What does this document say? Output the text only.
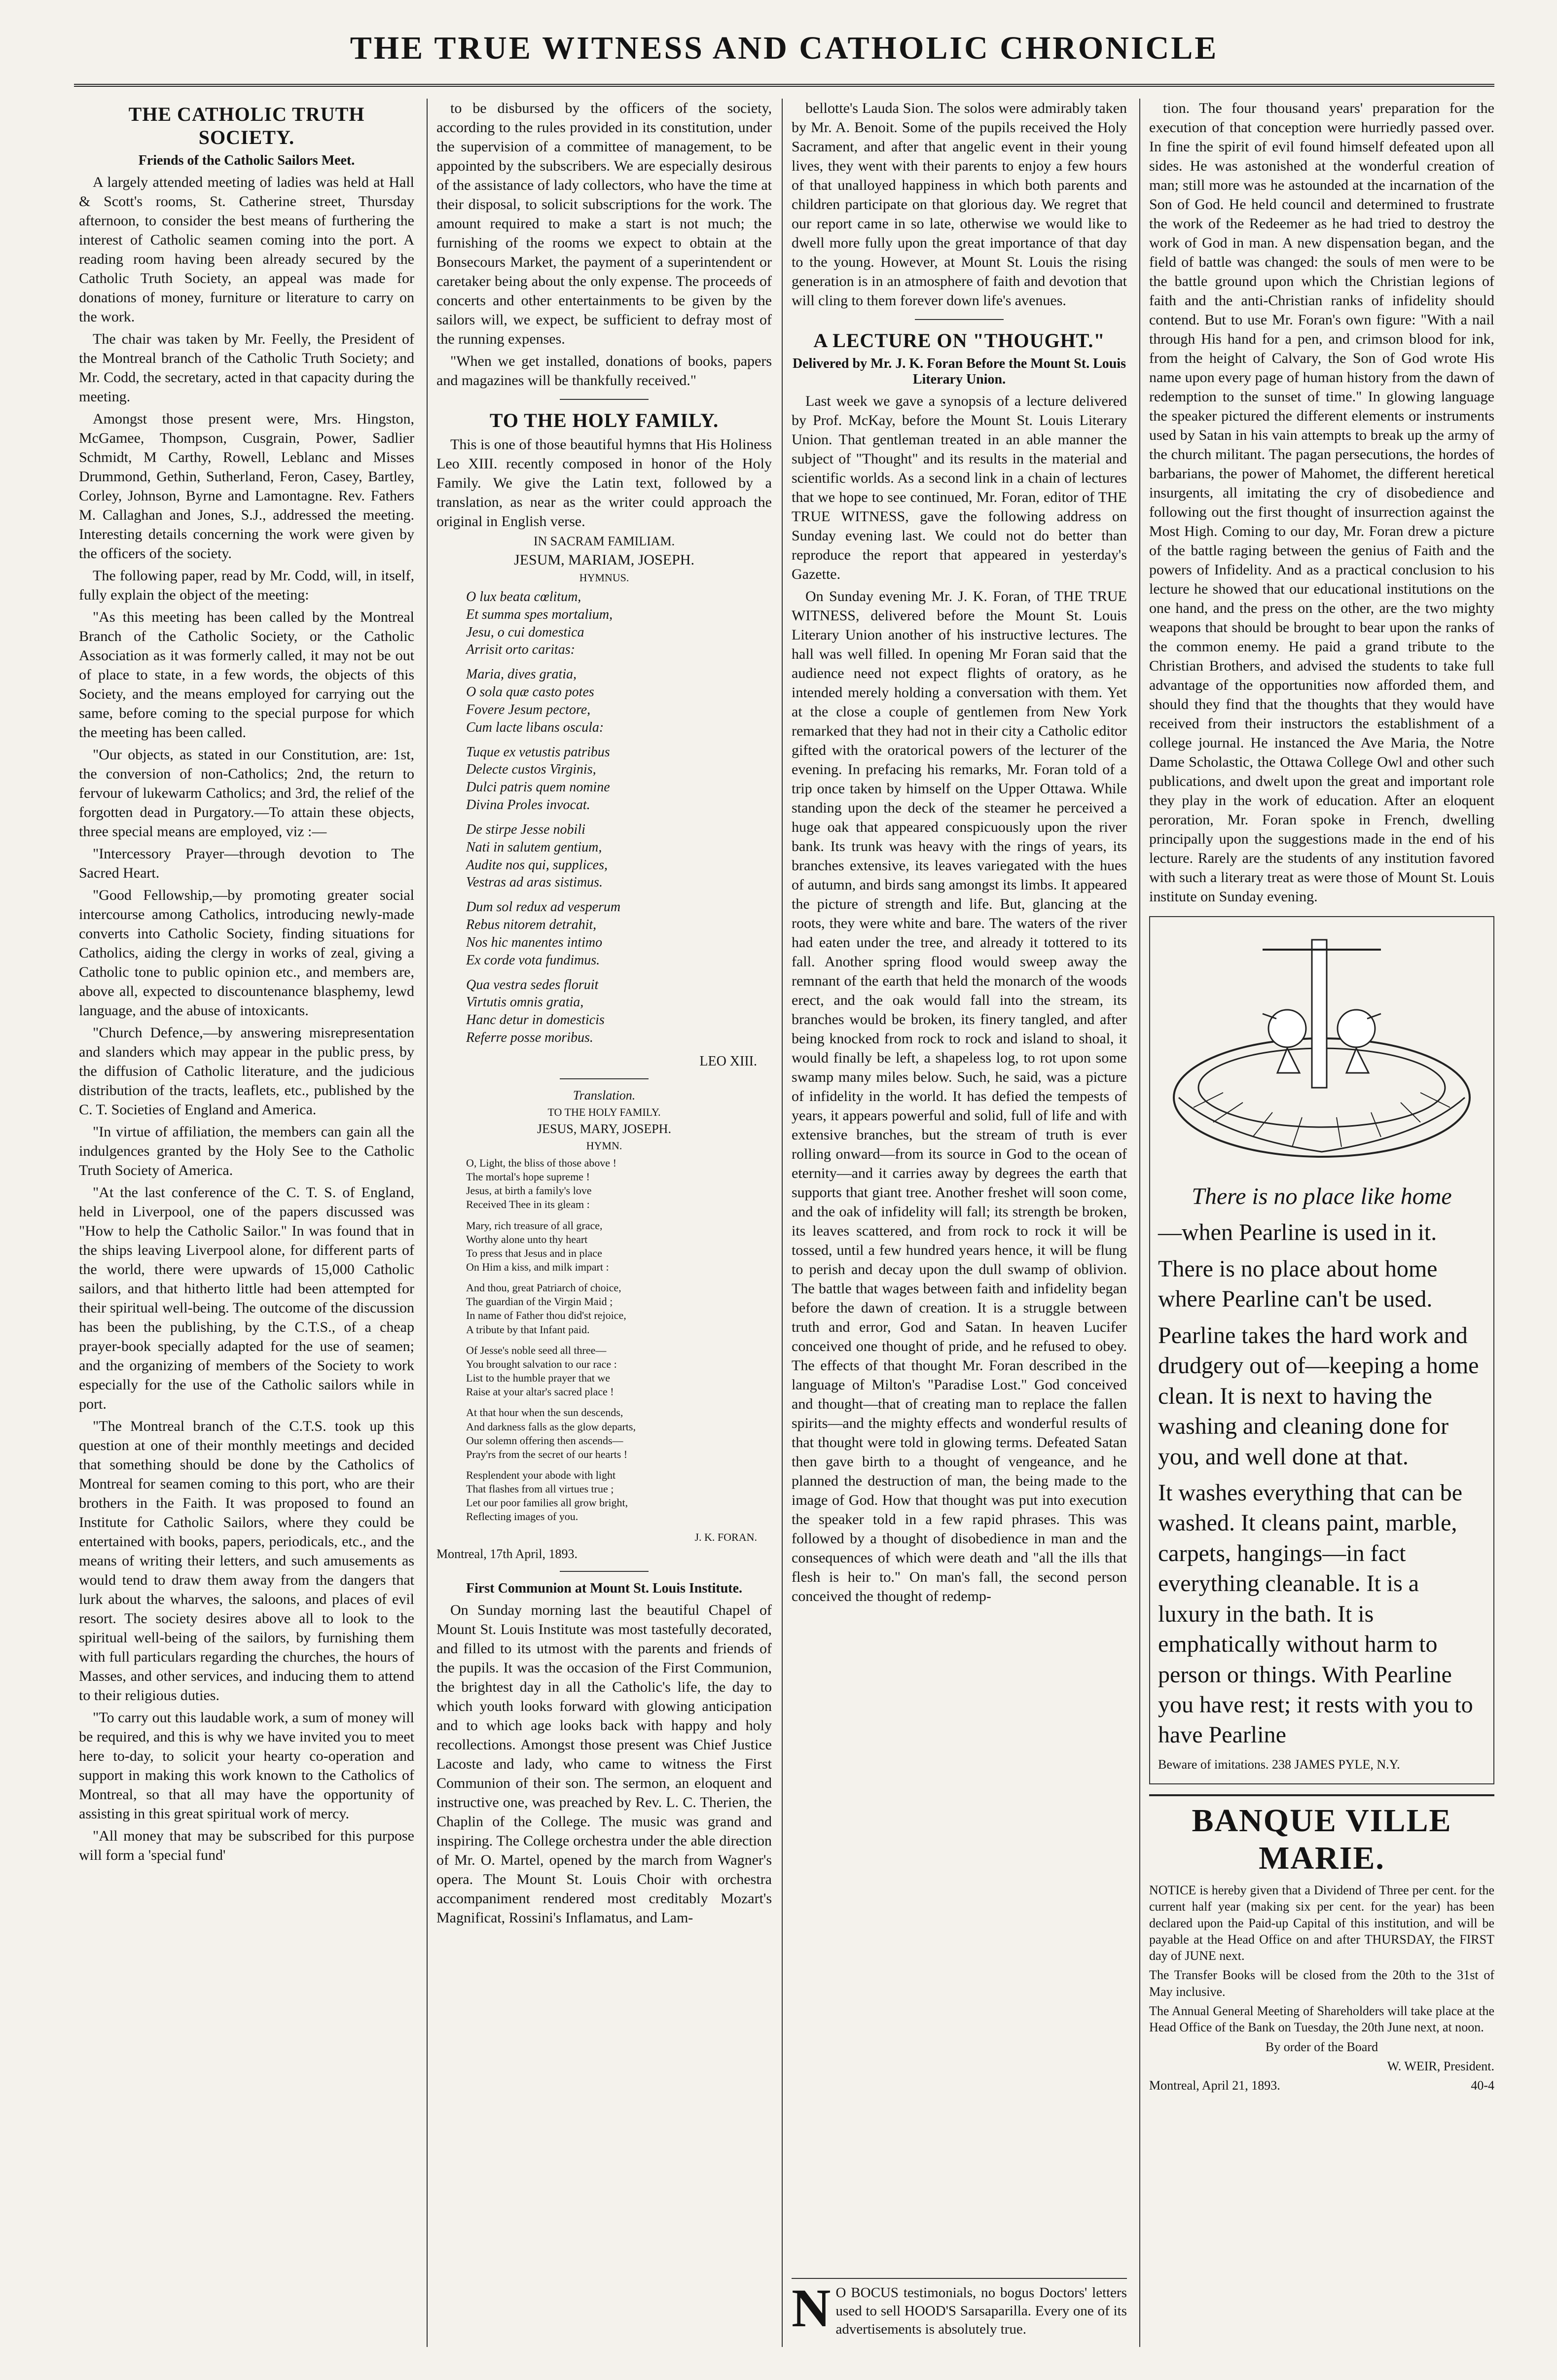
THE TRUE WITNESS AND CATHOLIC CHRONICLE
THE CATHOLIC TRUTH SOCIETY.
Friends of the Catholic Sailors Meet.

A largely attended meeting of ladies was held at Hall & Scott's rooms, St. Catherine street, Thursday afternoon, to consider the best means of furthering the interest of Catholic seamen coming into the port. A reading room having been already secured by the Catholic Truth Society, an appeal was made for donations of money, furniture or literature to carry on the work.

The chair was taken by Mr. Feelly, the President of the Montreal branch of the Catholic Truth Society; and Mr. Codd, the secretary, acted in that capacity during the meeting.

Amongst those present were, Mrs. Hingston, McGamee, Thompson, Cusgrain, Power, Sadlier Schmidt, M Carthy, Rowell, Leblanc and Misses Drummond, Gethin, Sutherland, Feron, Casey, Bartley, Corley, Johnson, Byrne and Lamontagne. Rev. Fathers M. Callaghan and Jones, S.J., addressed the meeting. Interesting details concerning the work were given by the officers of the society.

The following paper, read by Mr. Codd, will, in itself, fully explain the object of the meeting:

"As this meeting has been called by the Montreal Branch of the Catholic Society, or the Catholic Association as it was formerly called, it may not be out of place to state, in a few words, the objects of this Society, and the means employed for carrying out the same, before coming to the special purpose for which the meeting has been called.

"Our objects, as stated in our Constitution, are: 1st, the conversion of non-Catholics; 2nd, the return to fervour of lukewarm Catholics; and 3rd, the relief of the forgotten dead in Purgatory.—To attain these objects, three special means are employed, viz :—

"Intercessory Prayer—through devotion to The Sacred Heart.

"Good Fellowship,—by promoting greater social intercourse among Catholics, introducing newly-made converts into Catholic Society, finding situations for Catholics, aiding the clergy in works of zeal, giving a Catholic tone to public opinion etc., and members are, above all, expected to discountenance blasphemy, lewd language, and the abuse of intoxicants.

"Church Defence,—by answering misrepresentation and slanders which may appear in the public press, by the diffusion of Catholic literature, and the judicious distribution of the tracts, leaflets, etc., published by the C. T. Societies of England and America.

"In virtue of affiliation, the members can gain all the indulgences granted by the Holy See to the Catholic Truth Society of America.

"At the last conference of the C. T. S. of England, held in Liverpool, one of the papers discussed was "How to help the Catholic Sailor." In was found that in the ships leaving Liverpool alone, for different parts of the world, there were upwards of 15,000 Catholic sailors, and that hitherto little had been attempted for their spiritual well-being. The outcome of the discussion has been the publishing, by the C.T.S., of a cheap prayer-book specially adapted for the use of seamen; and the organizing of members of the Society to work especially for the use of the Catholic sailors while in port.

"The Montreal branch of the C.T.S. took up this question at one of their monthly meetings and decided that something should be done by the Catholics of Montreal for seamen coming to this port, who are their brothers in the Faith. It was proposed to found an Institute for Catholic Sailors, where they could be entertained with books, papers, periodicals, etc., and the means of writing their letters, and such amusements as would tend to draw them away from the dangers that lurk about the wharves, the saloons, and places of evil resort. The society desires above all to look to the spiritual well-being of the sailors, by furnishing them with full particulars regarding the churches, the hours of Masses, and other services, and inducing them to attend to their religious duties.

"To carry out this laudable work, a sum of money will be required, and this is why we have invited you to meet here to-day, to solicit your hearty co-operation and support in making this work known to the Catholics of Montreal, so that all may have the opportunity of assisting in this great spiritual work of mercy.

"All money that may be subscribed for this purpose will form a 'special fund'

to be disbursed by the officers of the society, according to the rules provided in its constitution, under the supervision of a committee of management, to be appointed by the subscribers. We are especially desirous of the assistance of lady collectors, who have the time at their disposal, to solicit subscriptions for the work. The amount required to make a start is not much; the furnishing of the rooms we expect to obtain at the Bonsecours Market, the payment of a superintendent or caretaker being about the only expense. The proceeds of concerts and other entertainments to be given by the sailors will, we expect, be sufficient to defray most of the running expenses.

"When we get installed, donations of books, papers and magazines will be thankfully received."

TO THE HOLY FAMILY.

This is one of those beautiful hymns that His Holiness Leo XIII. recently composed in honor of the Holy Family. We give the Latin text, followed by a translation, as near as the writer could approach the original in English verse.

IN SACRAM FAMILIAM.
JESUM, MARIAM, JOSEPH.
HYMNUS.
O lux beata cœlitum,
Et summa spes mortalium,
Jesu, o cui domestica
Arrisit orto caritas:
Maria, dives gratia,
O sola quæ casto potes
Fovere Jesum pectore,
Cum lacte libans oscula:
Tuque ex vetustis patribus
Delecte custos Virginis,
Dulci patris quem nomine
Divina Proles invocat.
De stirpe Jesse nobili
Nati in salutem gentium,
Audite nos qui, supplices,
Vestras ad aras sistimus.
Dum sol redux ad vesperum
Rebus nitorem detrahit,
Nos hic manentes intimo
Ex corde vota fundimus.
Qua vestra sedes floruit
Virtutis omnis gratia,
Hanc detur in domesticis
Referre posse moribus.
LEO XIII.
Translation.
TO THE HOLY FAMILY.
JESUS, MARY, JOSEPH.
HYMN.
O, Light, the bliss of those above !
The mortal's hope supreme !
Jesus, at birth a family's love
Received Thee in its gleam :
Mary, rich treasure of all grace,
Worthy alone unto thy heart
To press that Jesus and in place
On Him a kiss, and milk impart :
And thou, great Patriarch of choice,
The guardian of the Virgin Maid ;
In name of Father thou did'st rejoice,
A tribute by that Infant paid.
Of Jesse's noble seed all three—
You brought salvation to our race :
List to the humble prayer that we
Raise at your altar's sacred place !
At that hour when the sun descends,
And darkness falls as the glow departs,
Our solemn offering then ascends—
Pray'rs from the secret of our hearts !
Resplendent your abode with light
That flashes from all virtues true ;
Let our poor families all grow bright,
Reflecting images of you.
J. K. FORAN.

Montreal, 17th April, 1893.

First Communion at Mount St. Louis Institute.

On Sunday morning last the beautiful Chapel of Mount St. Louis Institute was most tastefully decorated, and filled to its utmost with the parents and friends of the pupils. It was the occasion of the First Communion, the brightest day in all the Catholic's life, the day to which youth looks forward with glowing anticipation and to which age looks back with happy and holy recollections. Amongst those present was Chief Justice Lacoste and lady, who came to witness the First Communion of their son. The sermon, an eloquent and instructive one, was preached by Rev. L. C. Therien, the Chaplin of the College. The music was grand and inspiring. The College orchestra under the able direction of Mr. O. Martel, opened by the march from Wagner's opera. The Mount St. Louis Choir with orchestra accompaniment rendered most creditably Mozart's Magnificat, Rossini's Inflamatus, and Lam-

bellotte's Lauda Sion. The solos were admirably taken by Mr. A. Benoit. Some of the pupils received the Holy Sacrament, and after that angelic event in their young lives, they went with their parents to enjoy a few hours of that unalloyed happiness in which both parents and children participate on that glorious day. We regret that our report came in so late, otherwise we would like to dwell more fully upon the great importance of that day to the young. However, at Mount St. Louis the rising generation is in an atmosphere of faith and devotion that will cling to them forever down life's avenues.

A LECTURE ON "THOUGHT."
Delivered by Mr. J. K. Foran Before the Mount St. Louis Literary Union.

Last week we gave a synopsis of a lecture delivered by Prof. McKay, before the Mount St. Louis Literary Union. That gentleman treated in an able manner the subject of "Thought" and its results in the material and scientific worlds. As a second link in a chain of lectures that we hope to see continued, Mr. Foran, editor of THE TRUE WITNESS, gave the following address on Sunday evening last. We could not do better than reproduce the report that appeared in yesterday's Gazette.

On Sunday evening Mr. J. K. Foran, of THE TRUE WITNESS, delivered before the Mount St. Louis Literary Union another of his instructive lectures. The hall was well filled. In opening Mr Foran said that the audience need not expect flights of oratory, as he intended merely holding a conversation with them. Yet at the close a couple of gentlemen from New York remarked that they had not in their city a Catholic editor gifted with the oratorical powers of the lecturer of the evening. In prefacing his remarks, Mr. Foran told of a trip once taken by himself on the Upper Ottawa. While standing upon the deck of the steamer he perceived a huge oak that appeared conspicuously upon the river bank. Its trunk was heavy with the rings of years, its branches extensive, its leaves variegated with the hues of autumn, and birds sang amongst its limbs. It appeared the picture of strength and life. But, glancing at the roots, they were white and bare. The waters of the river had eaten under the tree, and already it tottered to its fall. Another spring flood would sweep away the remnant of the earth that held the monarch of the woods erect, and the oak would fall into the stream, its branches would be broken, its finery tangled, and after being knocked from rock to rock and island to shoal, it would finally be left, a shapeless log, to rot upon some swamp many miles below. Such, he said, was a picture of infidelity in the world. It has defied the tempests of years, it appears powerful and solid, full of life and with extensive branches, but the stream of truth is ever rolling onward—from its source in God to the ocean of eternity—and it carries away by degrees the earth that supports that giant tree. Another freshet will soon come, and the oak of infidelity will fall; its strength be broken, its leaves scattered, and from rock to rock it will be tossed, until a few hundred years hence, it will be flung to perish and decay upon the dull swamp of oblivion. The battle that wages between faith and infidelity began before the dawn of creation. It is a struggle between truth and error, God and Satan. In heaven Lucifer conceived one thought of pride, and he refused to obey. The effects of that thought Mr. Foran described in the language of Milton's "Paradise Lost." God conceived and thought—that of creating man to replace the fallen spirits—and the mighty effects and wonderful results of that thought were told in glowing terms. Defeated Satan then gave birth to a thought of vengeance, and he planned the destruction of man, the being made to the image of God. How that thought was put into execution the speaker told in a few rapid phrases. This was followed by a thought of disobedience in man and the consequences of which were death and "all the ills that flesh is heir to." On man's fall, the second person conceived the thought of redemp-

tion. The four thousand years' preparation for the execution of that conception were hurriedly passed over. In fine the spirit of evil found himself defeated upon all sides. He was astonished at the wonderful creation of man; still more was he astounded at the incarnation of the Son of God. He held council and determined to frustrate the work of the Redeemer as he had tried to destroy the work of God in man. A new dispensation began, and the field of battle was changed: the souls of men were to be the battle ground upon which the Christian legions of faith and the anti-Christian ranks of infidelity should contend. But to use Mr. Foran's own figure: "With a nail through His hand for a pen, and crimson blood for ink, from the height of Calvary, the Son of God wrote His name upon every page of human history from the dawn of redemption to the sunset of time." In glowing language the speaker pictured the different elements or instruments used by Satan in his vain attempts to break up the army of the church militant. The pagan persecutions, the hordes of barbarians, the power of Mahomet, the different heretical insurgents, all imitating the cry of disobedience and following out the first thought of insurrection against the Most High. Coming to our day, Mr. Foran drew a picture of the battle raging between the genius of Faith and the powers of Infidelity. And as a practical conclusion to his lecture he showed that our educational institutions on the one hand, and the press on the other, are the two mighty weapons that should be brought to bear upon the ranks of the common enemy. He paid a grand tribute to the Christian Brothers, and advised the students to take full advantage of the opportunities now afforded them, and should they find that the thoughts that they would have received from their instructors the establishment of a college journal. He instanced the Ave Maria, the Notre Dame Scholastic, the Ottawa College Owl and other such publications, and dwelt upon the great and important role they play in the work of education. After an eloquent peroration, Mr. Foran spoke in French, dwelling principally upon the suggestions made in the end of his lecture. Rarely are the students of any institution favored with such a literary treat as were those of Mount St. Louis institute on Sunday evening.

There is no place like home

—when Pearline is used in it.

There is no place about home where Pearline can't be used.

Pearline takes the hard work and drudgery out of—keeping a home clean. It is next to having the washing and cleaning done for you, and well done at that.

It washes everything that can be washed. It cleans paint, marble, carpets, hangings—in fact everything cleanable. It is a luxury in the bath. It is emphatically without harm to person or things. With Pearline you have rest; it rests with you to have Pearline

Beware of imitations. 238 JAMES PYLE, N.Y.

BANQUE VILLE MARIE.

NOTICE is hereby given that a Dividend of Three per cent. for the current half year (making six per cent. for the year) has been declared upon the Paid-up Capital of this institution, and will be payable at the Head Office on and after THURSDAY, the FIRST day of JUNE next.

The Transfer Books will be closed from the 20th to the 31st of May inclusive.

The Annual General Meeting of Shareholders will take place at the Head Office of the Bank on Tuesday, the 20th June next, at noon.

By order of the Board

W. WEIR, President.

Montreal, April 21, 1893.	40-4

N O BOCUS testimonials, no bogus Doctors' letters used to sell HOOD'S Sarsaparilla. Every one of its advertisements is absolutely true.
